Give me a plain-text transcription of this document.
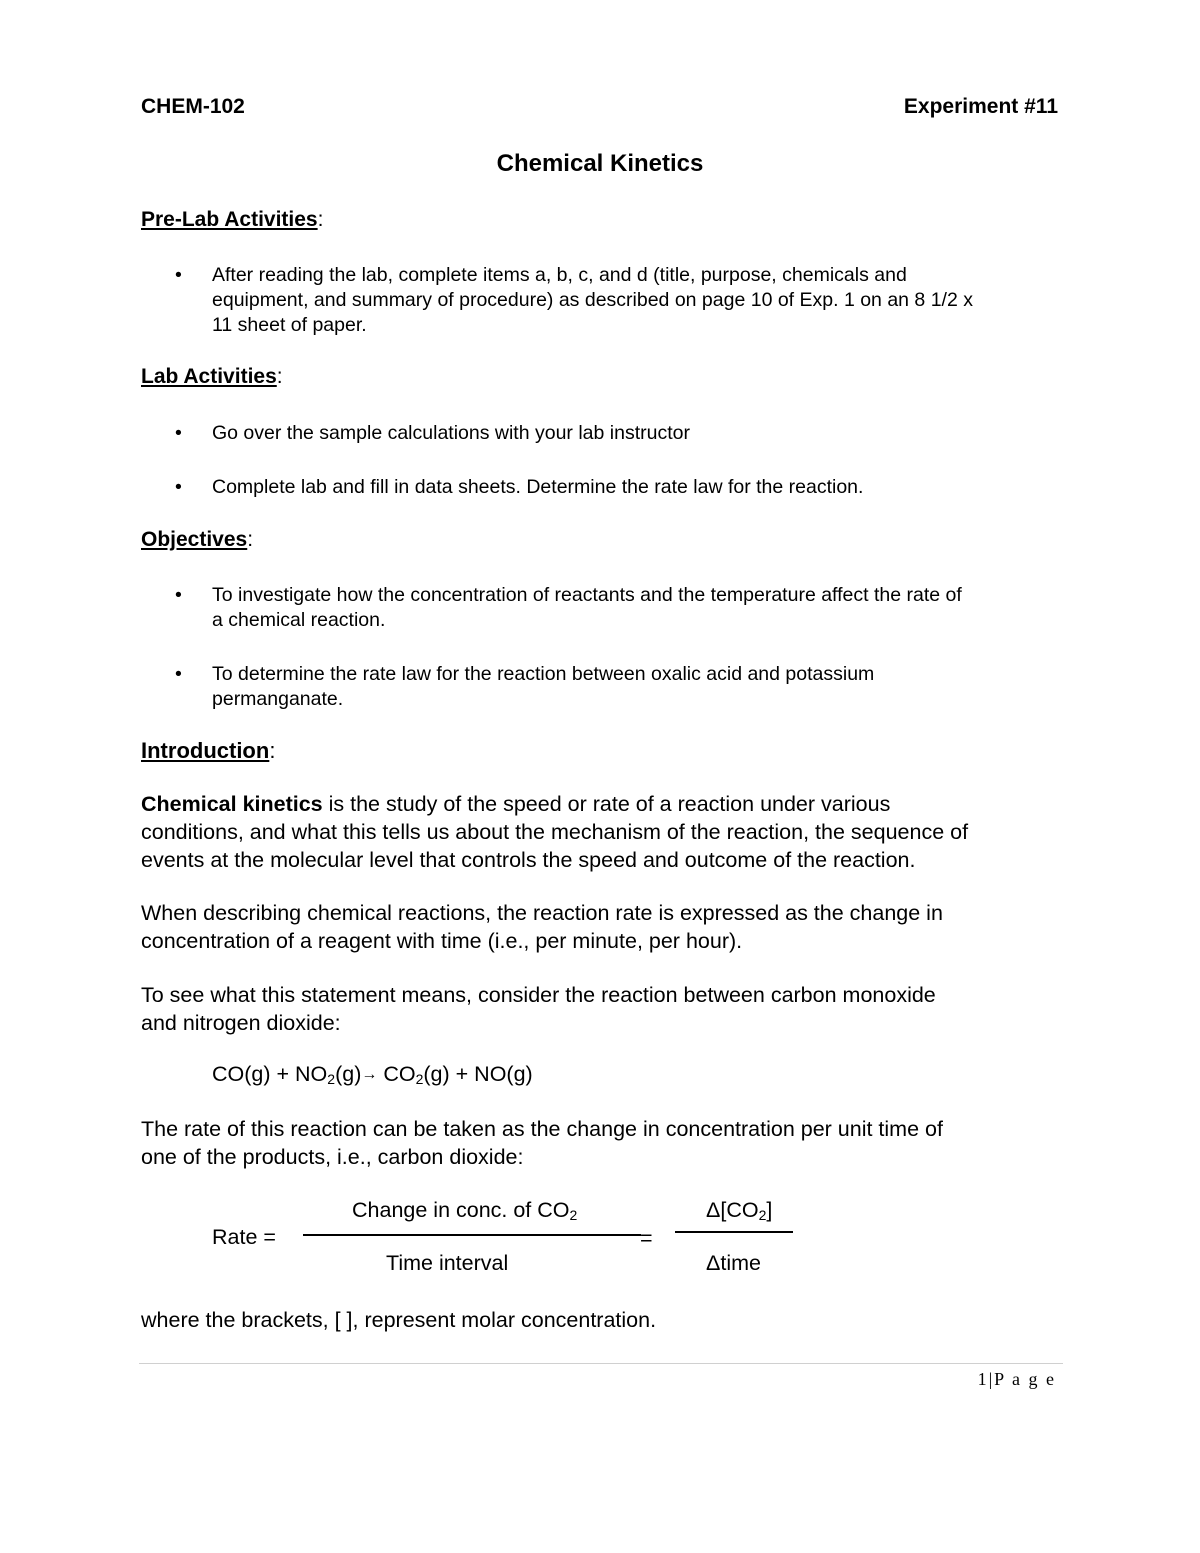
CHEM-102	Experiment #11
Chemical Kinetics
Pre-Lab Activities:
• After reading the lab, complete items a, b, c, and d (title, purpose, chemicals and
equipment, and summary of procedure) as described on page 10 of Exp. 1 on an 8 1/2 x
11 sheet of paper.
Lab Activities:
• Go over the sample calculations with your lab instructor
• Complete lab and fill in data sheets. Determine the rate law for the reaction.
Objectives:
• To investigate how the concentration of reactants and the temperature affect the rate of
a chemical reaction.
• To determine the rate law for the reaction between oxalic acid and potassium
permanganate.
Introduction:
Chemical kinetics is the study of the speed or rate of a reaction under various
conditions, and what this tells us about the mechanism of the reaction, the sequence of
events at the molecular level that controls the speed and outcome of the reaction.
When describing chemical reactions, the reaction rate is expressed as the change in
concentration of a reagent with time (i.e., per minute, per hour).
To see what this statement means, consider the reaction between carbon monoxide
and nitrogen dioxide:
$CO(g) + NO_2(g)\to CO_2(g) + NO(g)$
The rate of this reaction can be taken as the change in concentration per unit time of
one of the products, i.e., carbon dioxide:
Rate =
Change in conc. of $CO_2$
Time interval
=
$\Delta[CO_2]$
Δtime
where the brackets, [ ], represent molar concentration.
1|P a g e
